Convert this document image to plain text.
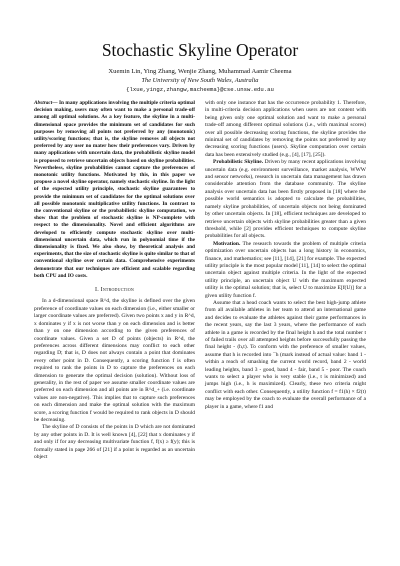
Stochastic Skyline Operator
Xuemin Lin, Ying Zhang, Wenjie Zhang, Muhammad Aamir Cheema
The University of New South Wales, Australia
{lxue,yingz,zhangw,macheema}@cse.unsw.edu.au
Abstract— In many applications involving the multiple criteria optimal decision making, users may often want to make a personal trade-off among all optimal solutions. As a key feature, the skyline in a multi-dimensional space provides the minimum set of candidates for such purposes by removing all points not preferred by any (monotonic) utility/scoring functions; that is, the skyline removes all objects not preferred by any user no mater how their preferences vary. Driven by many applications with uncertain data, the probabilistic skyline model is proposed to retrieve uncertain objects based on skyline probabilities. Nevertheless, skyline probabilities cannot capture the preferences of monotonic utility functions. Motivated by this, in this paper we propose a novel skyline operator, namely stochastic skyline. In the light of the expected utility principle, stochastic skyline guarantees to provide the minimum set of candidates for the optimal solutions over all possible monotonic multiplicative utility functions. In contrast to the conventional skyline or the probabilistic skyline computation, we show that the problem of stochastic skyline is NP-complete with respect to the dimensionality. Novel and efficient algorithms are developed to efficiently compute stochastic skyline over multi-dimensional uncertain data, which run in polynomial time if the dimensionality is fixed. We also show, by theoretical analysis and experiments, that the size of stochastic skyline is quite similar to that of conventional skyline over certain data. Comprehensive experiments demonstrate that our techniques are efficient and scalable regarding both CPU and IO costs.
I. Introduction

In a d-dimensional space R^d, the skyline is defined over the given preference of coordinate values on each dimension (i.e., either smaller or larger coordinate values are preferred). Given two points x and y in R^d, x dominates y if x is not worse than y on each dimension and is better than y on one dimension according to the given preferences of coordinate values. Given a set D of points (objects) in R^d, the preferences across different dimensions may conflict to each other regarding D; that is, D does not always contain a point that dominates every other point in D. Consequently, a scoring function f is often required to rank the points in D to capture the preferences on each dimension to generate the optimal decision (solution). Without loss of generality, in the rest of paper we assume smaller coordinate values are preferred on each dimension and all points are in R^d_+ (i.e. coordinate values are non-negative). This implies that to capture such preferences on each dimension and make the optimal solution with the maximum score, a scoring function f would be required to rank objects in D should be decreasing.

The skyline of D consists of the points in D which are not dominated by any other points in D. It is well known [4], [22] that x dominates y if and only if for any decreasing multivariate function f, f(x) ≥ f(y); this is formally stated in page 266 of [21] if a point is regarded as an uncertain object

with only one instance that has the occurrence probability 1. Therefore, in multi-criteria decision applications when users are not content with being given only one optimal solution and want to make a personal trade-off among different optimal solutions (i.e., with maximal scores) over all possible decreasing scoring functions, the skyline provides the minimal set of candidates by removing the points not preferred by any decreasing scoring functions (users). Skyline computation over certain data has been extensively studied (e.g., [4], [17], [25]).

Probabilistic Skyline. Driven by many recent applications involving uncertain data (e.g. environment surveillance, market analysis, WWW and sensor networks), research in uncertain data management has drawn considerable attention from the database community. The skyline analysis over uncertain data has been firstly proposed in [18] where the possible world semantics is adopted to calculate the probabilities, namely skyline probabilities, of uncertain objects not being dominated by other uncertain objects. In [18], efficient techniques are developed to retrieve uncertain objects with skyline probabilities greater than a given threshold, while [2] provides efficient techniques to compute skyline probabilities for all objects.

Motivation. The research towards the problem of multiple criteria optimization over uncertain objects has a long history in economics, finance, and mathematics; see [11], [14], [21] for example. The expected utility principle is the most popular model [11], [14] to select the optimal uncertain object against multiple criteria. In the light of the expected utility principle, an uncertain object U with the maximum expected utility is the optimal solution; that is, select U to maximize E[f(U)] for a given utility function f.

Assume that a head coach wants to select the best high-jump athlete from all available athletes in her team to attend an international game and decides to evaluate the athletes against their game performances in the recent years, say the last 3 years, where the performance of each athlete in a game is recorded by the final height h and the total number t of failed trails over all attempted heights before successfully passing the final height - (h,t). To conform with the preference of smaller values, assume that h is recorded into ¯h (mark instead of actual value: band 1 - within a reach of smashing the current world record, band 2 - world leading heights, band 3 - good, band 4 - fair, band 5 - poor. The coach wants to select a player who is very stable (i.e., t is minimized) and jumps high (i.e., h is maximized). Clearly, these two criteria might conflict with each other. Consequently, a utility function f = f1(h) × f2(t) may be employed by the coach to evaluate the overall performance of a player in a game, where f1 and
